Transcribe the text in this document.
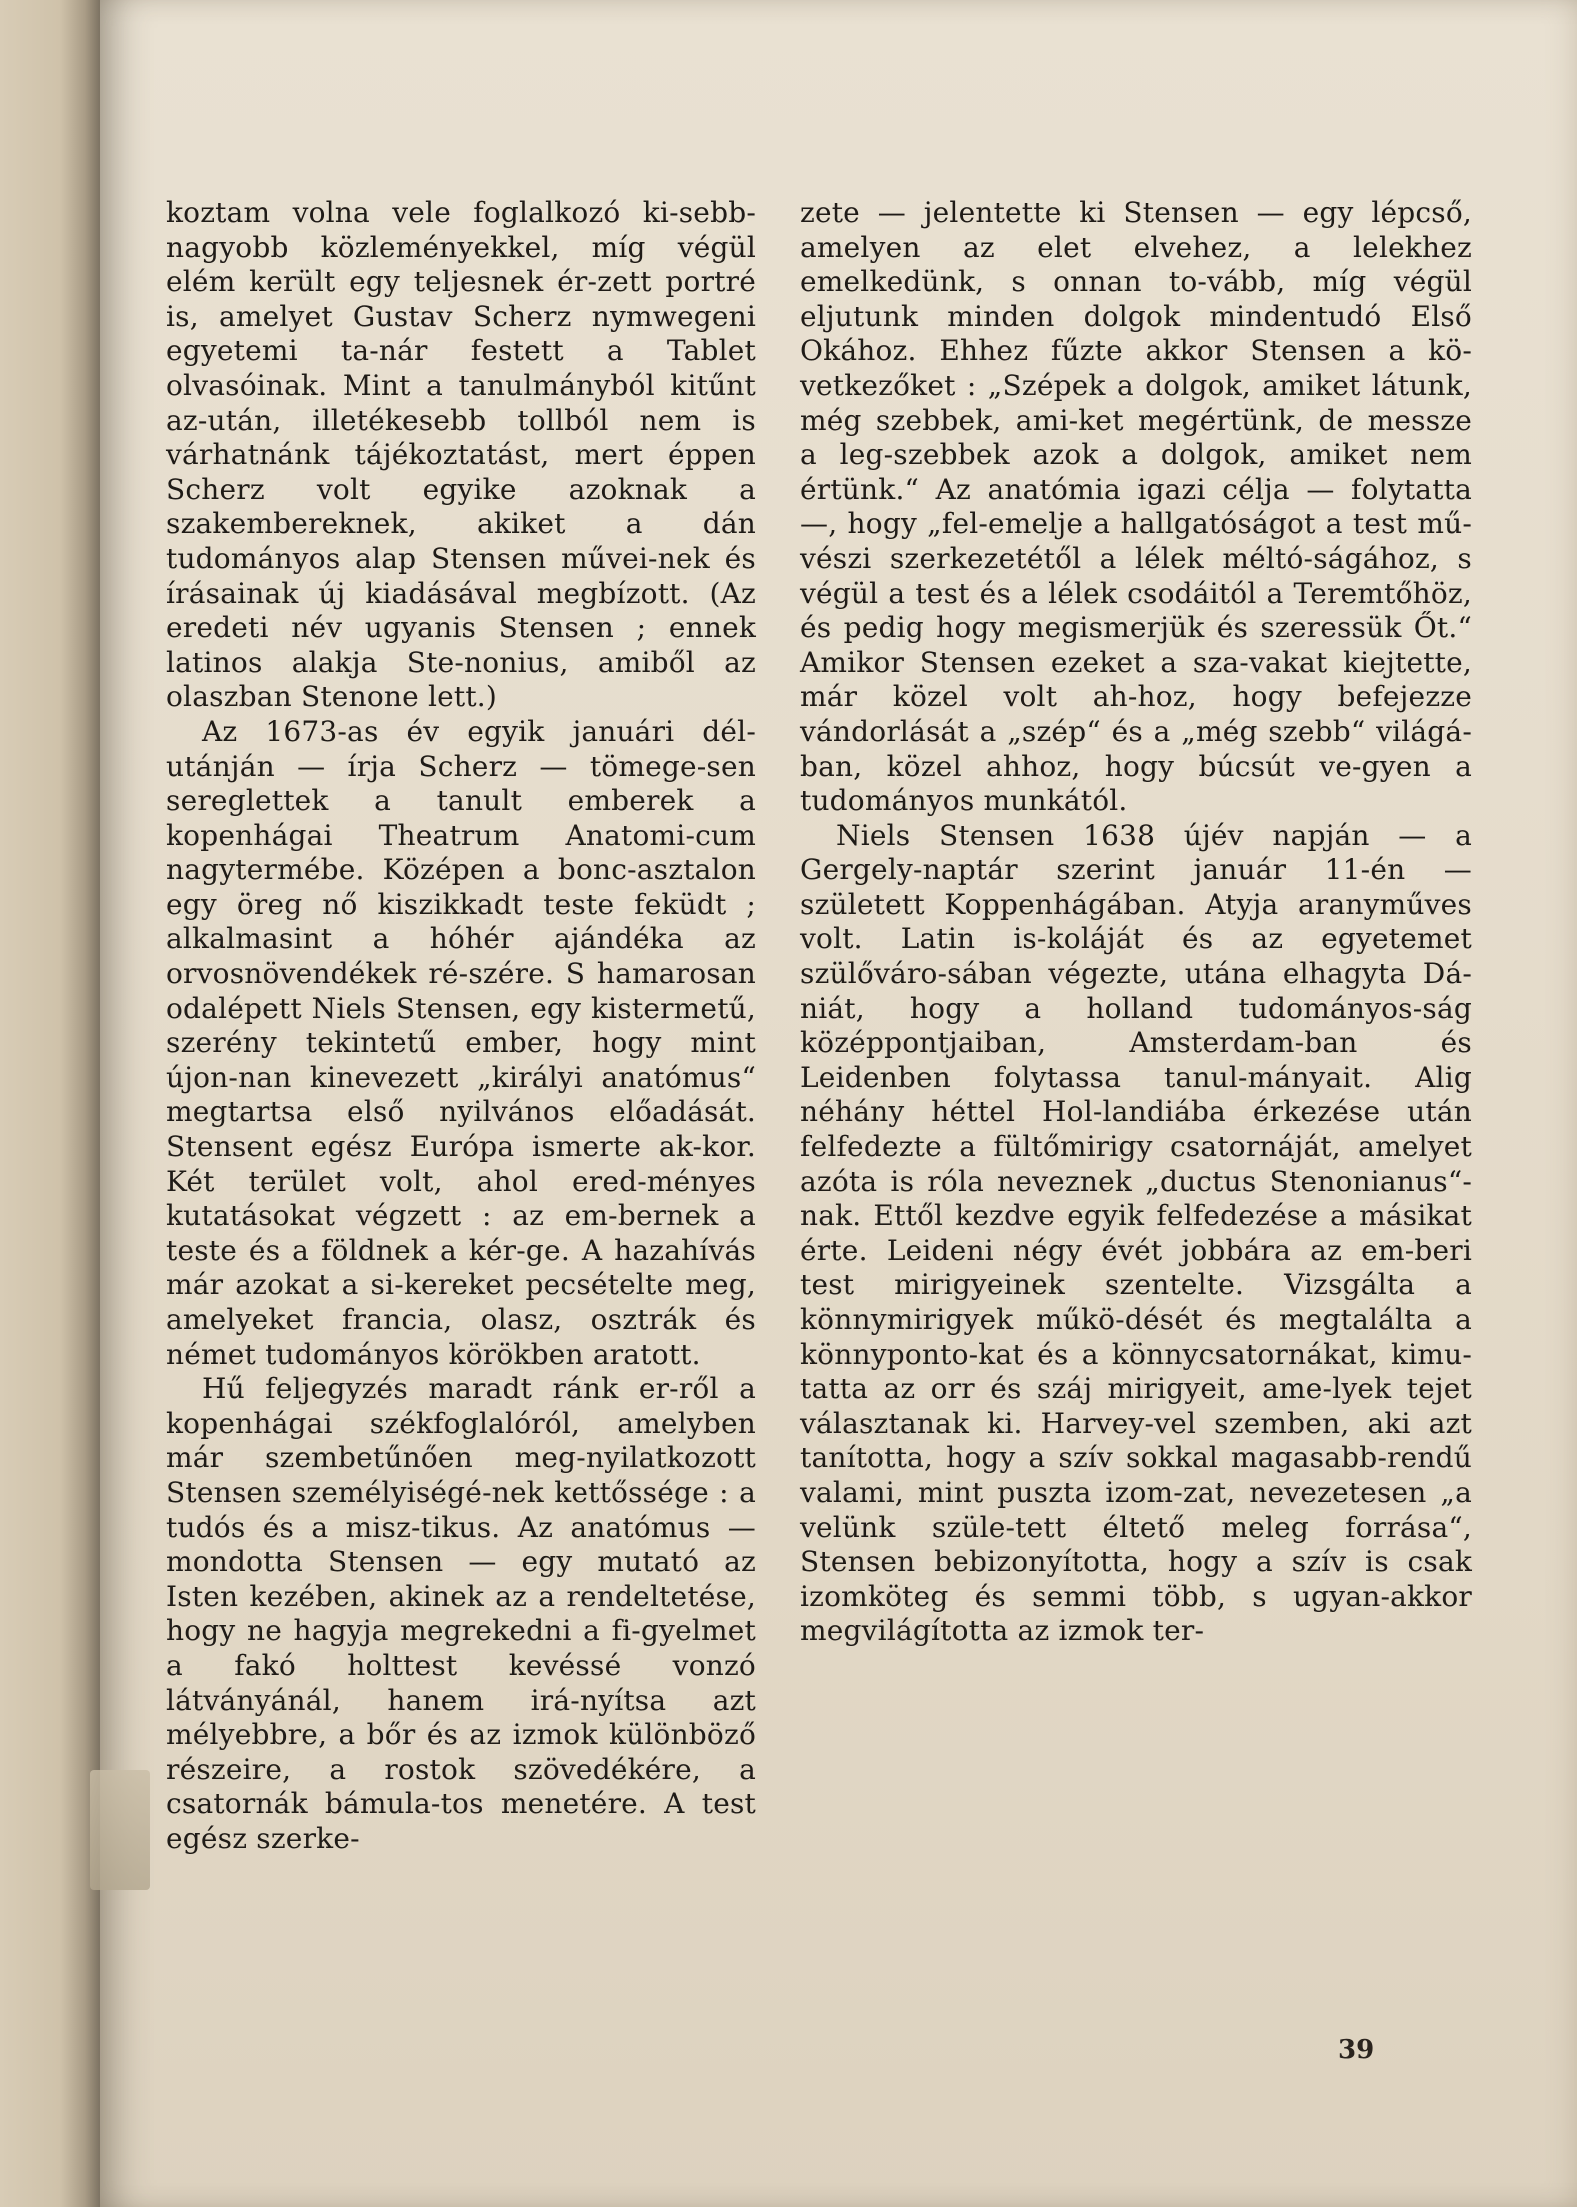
koztam volna vele foglalkozó ki-sebb-nagyobb közleményekkel, míg végül elém került egy teljesnek ér-zett portré is, amelyet Gustav Scherz nymwegeni egyetemi ta-nár festett a Tablet olvasóinak. Mint a tanulmányból kitűnt az-után, illetékesebb tollból nem is várhatnánk tájékoztatást, mert éppen Scherz volt egyike azoknak a szakembereknek, akiket a dán tudományos alap Stensen művei-nek és írásainak új kiadásával megbízott. (Az eredeti név ugyanis Stensen ; ennek latinos alakja Ste-nonius, amiből az olaszban Stenone lett.)

Az 1673-as év egyik januári dél-utánján — írja Scherz — tömege-sen sereglettek a tanult emberek a kopenhágai Theatrum Anatomi-cum nagytermébe. Középen a bonc-asztalon egy öreg nő kiszikkadt teste feküdt ; alkalmasint a hóhér ajándéka az orvosnövendékek ré-szére. S hamarosan odalépett Niels Stensen, egy kistermetű, szerény tekintetű ember, hogy mint újon-nan kinevezett „királyi anatómus“ megtartsa első nyilvános előadását. Stensent egész Európa ismerte ak-kor. Két terület volt, ahol ered-ményes kutatásokat végzett : az em-bernek a teste és a földnek a kér-ge. A hazahívás már azokat a si-kereket pecsételte meg, amelyeket francia, olasz, osztrák és német tudományos körökben aratott.

Hű feljegyzés maradt ránk er-ről a kopenhágai székfoglalóról, amelyben már szembetűnően meg-nyilatkozott Stensen személyiségé-nek kettőssége : a tudós és a misz-tikus. Az anatómus — mondotta Stensen — egy mutató az Isten kezében, akinek az a rendeltetése, hogy ne hagyja megrekedni a fi-gyelmet a fakó holttest kevéssé vonzó látványánál, hanem irá-nyítsa azt mélyebbre, a bőr és az izmok különböző részeire, a rostok szövedékére, a csatornák bámula-tos menetére. A test egész szerke-

zete — jelentette ki Stensen — egy lépcső, amelyen az elet elvehez, a lelekhez emelkedünk, s onnan to-vább, míg végül eljutunk minden dolgok mindentudó Első Okához. Ehhez fűzte akkor Stensen a kö-vetkezőket : „Szépek a dolgok, amiket látunk, még szebbek, ami-ket megértünk, de messze a leg-szebbek azok a dolgok, amiket nem értünk.“ Az anatómia igazi célja — folytatta —, hogy „fel-emelje a hallgatóságot a test mű-vészi szerkezetétől a lélek méltó-ságához, s végül a test és a lélek csodáitól a Teremtőhöz, és pedig hogy megismerjük és szeressük Őt.“ Amikor Stensen ezeket a sza-vakat kiejtette, már közel volt ah-hoz, hogy befejezze vándorlását a „szép“ és a „még szebb“ világá-ban, közel ahhoz, hogy búcsút ve-gyen a tudományos munkától.

Niels Stensen 1638 újév napján — a Gergely-naptár szerint január 11-én — született Koppenhágában. Atyja aranyműves volt. Latin is-koláját és az egyetemet szülőváro-sában végezte, utána elhagyta Dá-niát, hogy a holland tudományos-ság középpontjaiban, Amsterdam-ban és Leidenben folytassa tanul-mányait. Alig néhány héttel Hol-landiába érkezése után felfedezte a fültőmirigy csatornáját, amelyet azóta is róla neveznek „ductus Stenonianus“-nak. Ettől kezdve egyik felfedezése a másikat érte. Leideni négy évét jobbára az em-beri test mirigyeinek szentelte. Vizsgálta a könnymirigyek műkö-dését és megtalálta a könnyponto-kat és a könnycsatornákat, kimu-tatta az orr és száj mirigyeit, ame-lyek tejet választanak ki. Harvey-vel szemben, aki azt tanította, hogy a szív sokkal magasabb-rendű valami, mint puszta izom-zat, nevezetesen „a velünk szüle-tett éltető meleg forrása“, Stensen bebizonyította, hogy a szív is csak izomköteg és semmi több, s ugyan-akkor megvilágította az izmok ter-

39
